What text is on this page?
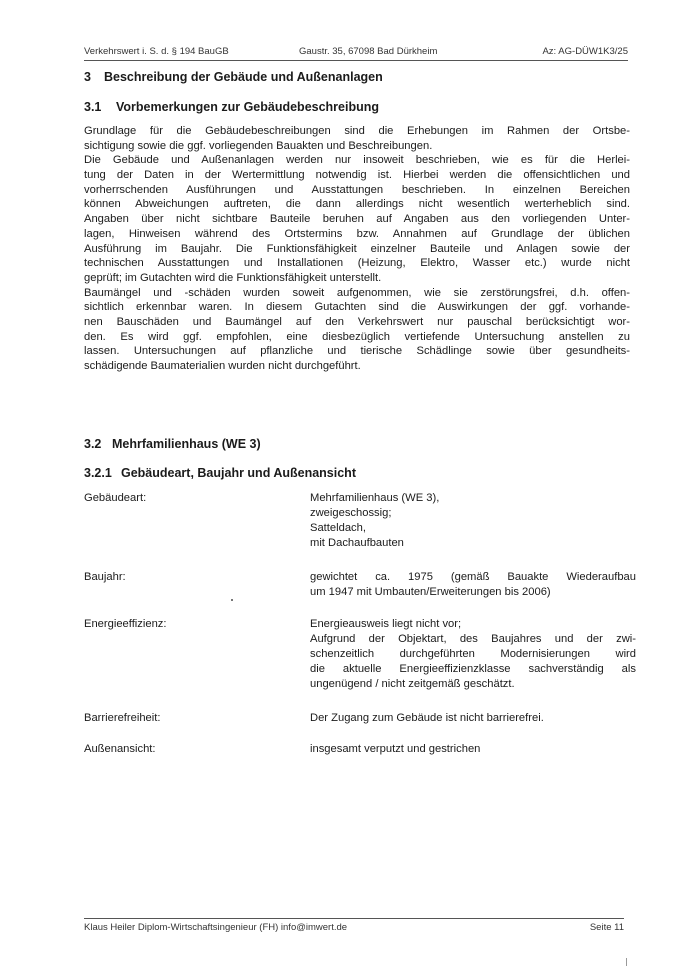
Verkehrswert i. S. d. § 194 BauGB	Gaustr. 35, 67098 Bad Dürkheim	Az: AG-DÜW1K3/25
3 Beschreibung der Gebäude und Außenanlagen
3.1 Vorbemerkungen zur Gebäudebeschreibung
Grundlage für die Gebäudebeschreibungen sind die Erhebungen im Rahmen der Ortsbe-
sichtigung sowie die ggf. vorliegenden Bauakten und Beschreibungen.
Die Gebäude und Außenanlagen werden nur insoweit beschrieben, wie es für die Herlei-
tung der Daten in der Wertermittlung notwendig ist. Hierbei werden die offensichtlichen und
vorherrschenden Ausführungen und Ausstattungen beschrieben. In einzelnen Bereichen
können Abweichungen auftreten, die dann allerdings nicht wesentlich werterheblich sind.
Angaben über nicht sichtbare Bauteile beruhen auf Angaben aus den vorliegenden Unter-
lagen, Hinweisen während des Ortstermins bzw. Annahmen auf Grundlage der üblichen
Ausführung im Baujahr. Die Funktionsfähigkeit einzelner Bauteile und Anlagen sowie der
technischen Ausstattungen und Installationen (Heizung, Elektro, Wasser etc.) wurde nicht
geprüft; im Gutachten wird die Funktionsfähigkeit unterstellt.
Baumängel und -schäden wurden soweit aufgenommen, wie sie zerstörungsfrei, d.h. offen-
sichtlich erkennbar waren. In diesem Gutachten sind die Auswirkungen der ggf. vorhande-
nen Bauschäden und Baumängel auf den Verkehrswert nur pauschal berücksichtigt wor-
den. Es wird ggf. empfohlen, eine diesbezüglich vertiefende Untersuchung anstellen zu
lassen. Untersuchungen auf pflanzliche und tierische Schädlinge sowie über gesundheits-
schädigende Baumaterialien wurden nicht durchgeführt.
3.2 Mehrfamilienhaus (WE 3)
3.2.1 Gebäudeart, Baujahr und Außenansicht
Gebäudeart:	Mehrfamilienhaus (WE 3),
zweigeschossig;
Satteldach,
mit Dachaufbauten
Baujahr:	gewichtet ca. 1975 (gemäß Bauakte Wiederaufbau
um 1947 mit Umbauten/Erweiterungen bis 2006)
Energieeffizienz:	Energieausweis liegt nicht vor;
Aufgrund der Objektart, des Baujahres und der zwi-
schenzeitlich durchgeführten Modernisierungen wird
die aktuelle Energieeffizienzklasse sachverständig als
ungenügend / nicht zeitgemäß geschätzt.
Barrierefreiheit:	Der Zugang zum Gebäude ist nicht barrierefrei.
Außenansicht:	insgesamt verputzt und gestrichen
Klaus Heiler Diplom-Wirtschaftsingenieur (FH) info@imwert.de	Seite 11
